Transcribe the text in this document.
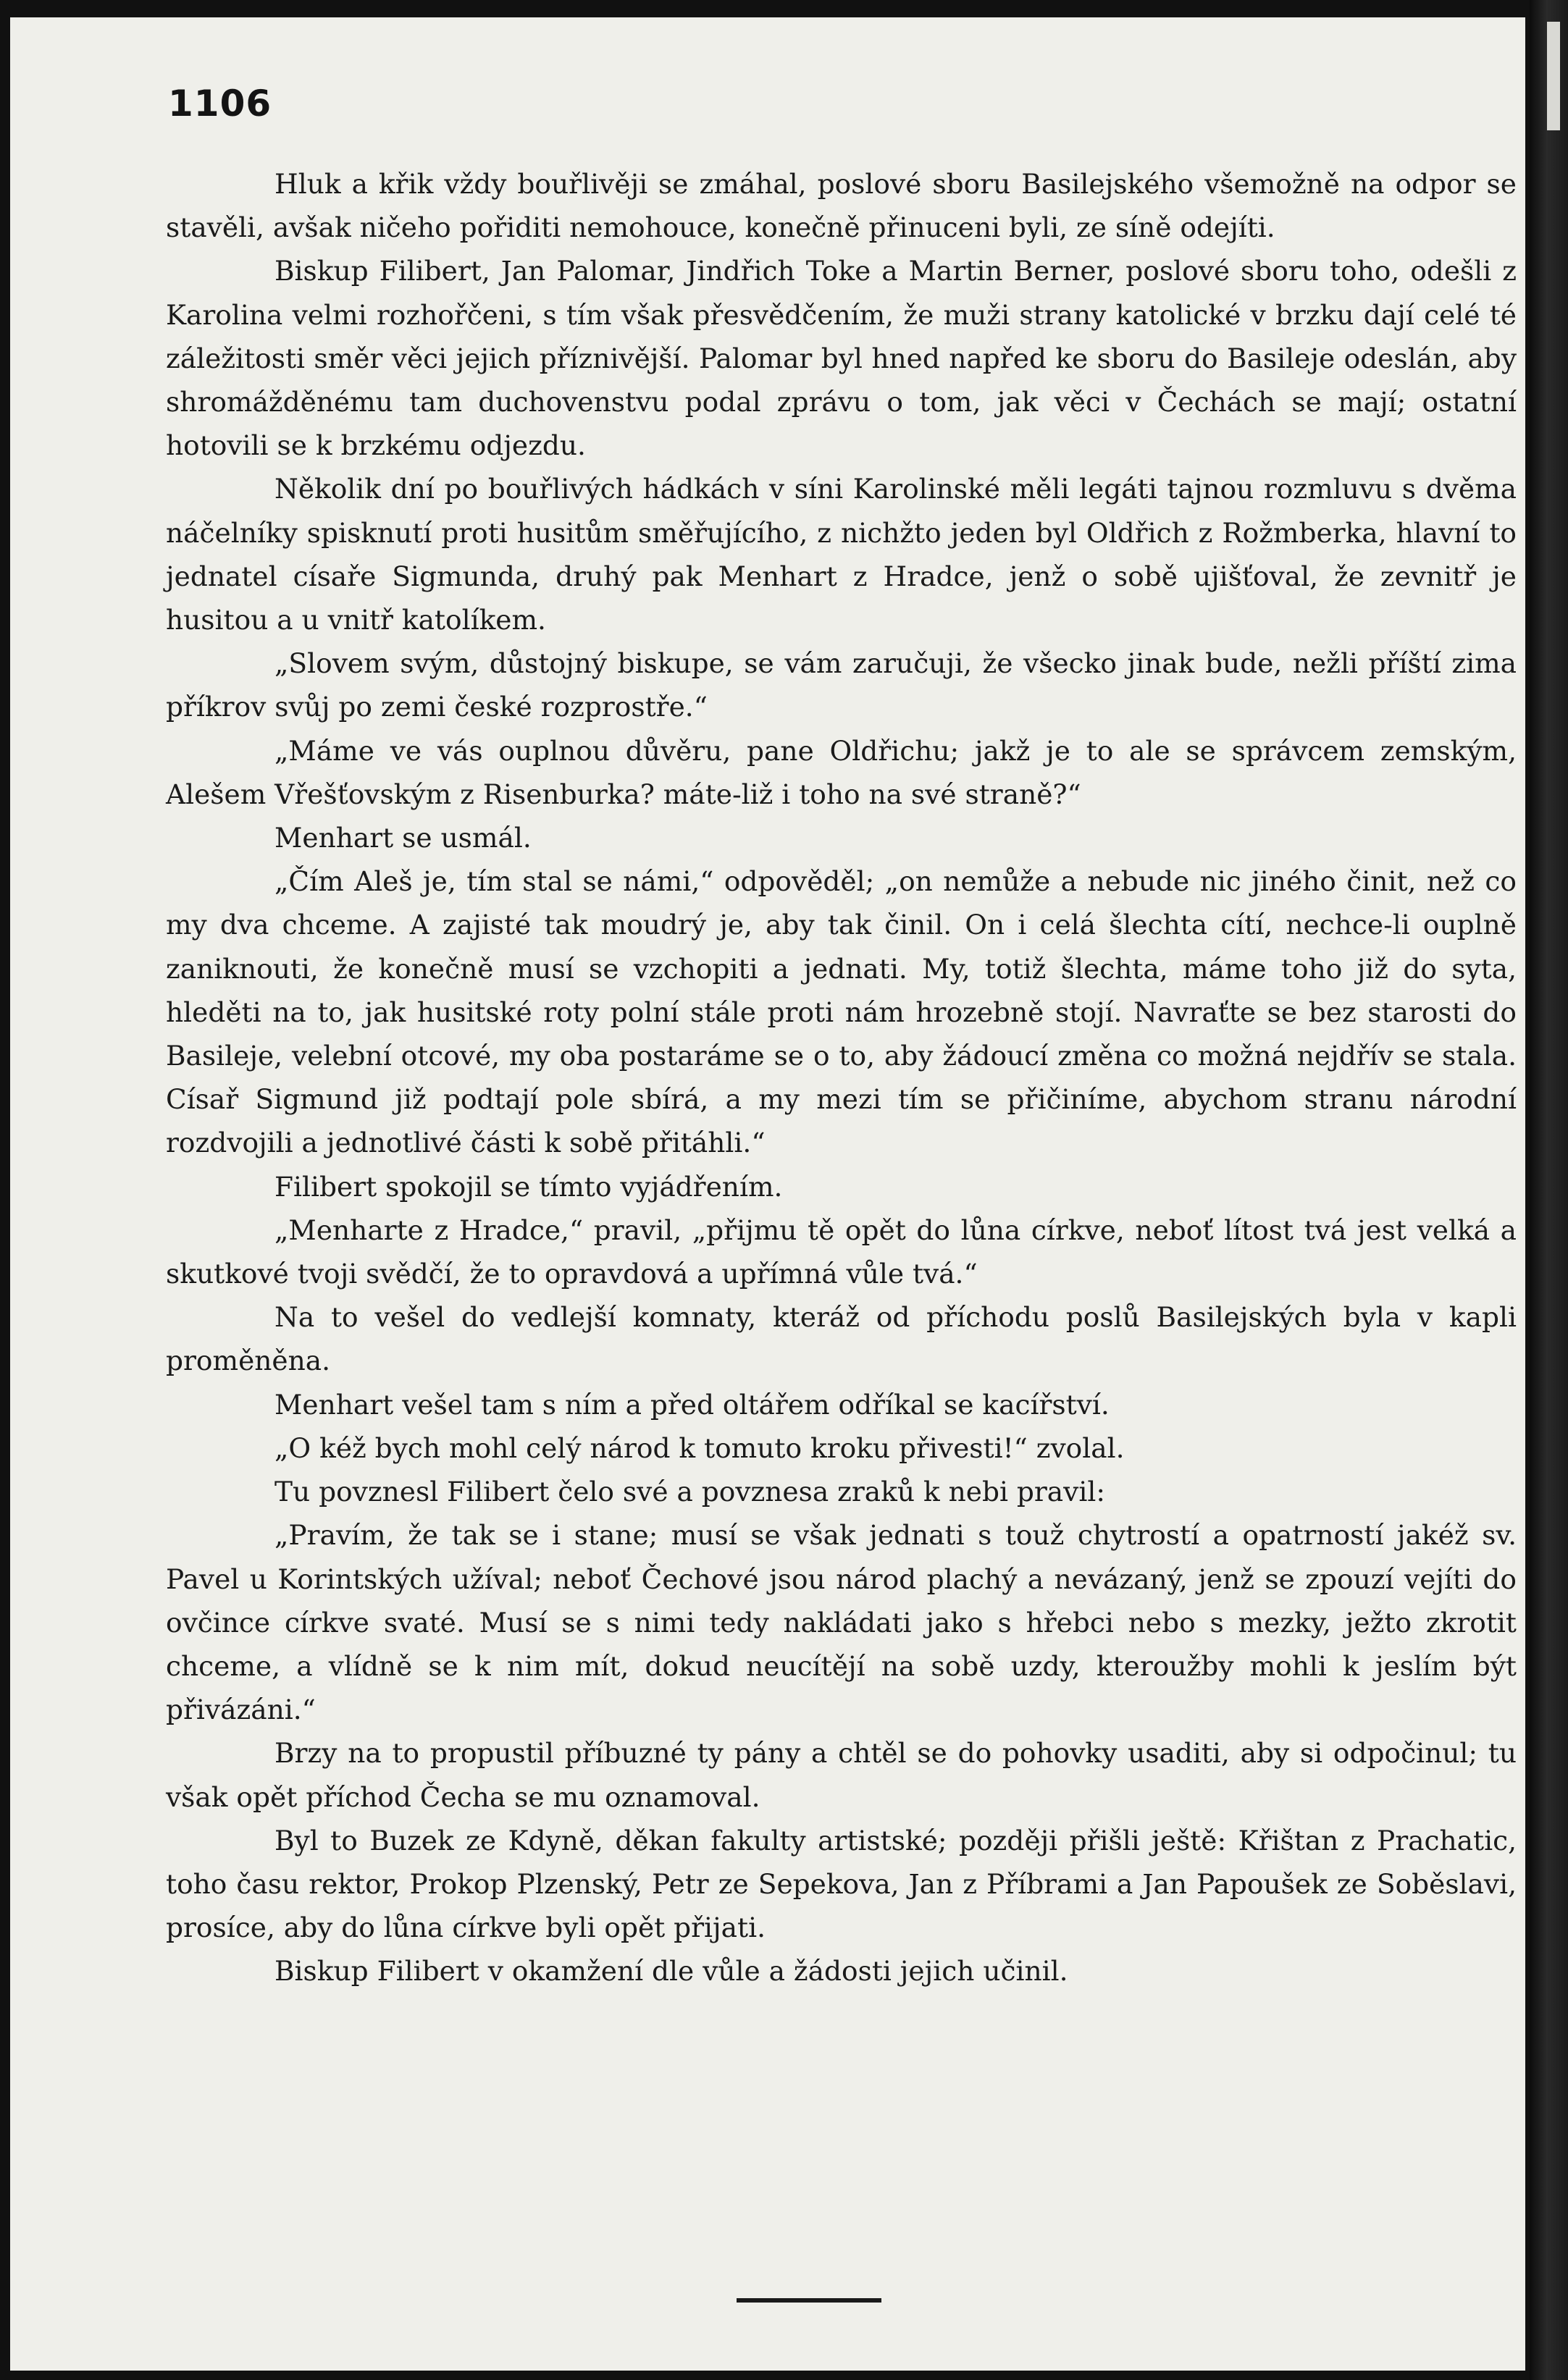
1106

Hluk a křik vždy bouřlivěji se zmáhal, poslové sboru Basilejského všemožně na odpor se stavěli, avšak ničeho pořiditi nemohouce, konečně přinuceni byli, ze síně odejíti.

Biskup Filibert, Jan Palomar, Jindřich Toke a Martin Berner, poslové sboru toho, odešli z Karolina velmi rozhořčeni, s tím však přesvědčením, že muži strany katolické v brzku dají celé té záležitosti směr věci jejich příznivější. Palomar byl hned napřed ke sboru do Basileje odeslán, aby shromážděnému tam duchovenstvu podal zprávu o tom, jak věci v Čechách se mají; ostatní hotovili se k brzkému odjezdu.

Několik dní po bouřlivých hádkách v síni Karolinské měli legáti tajnou rozmluvu s dvěma náčelníky spisknutí proti husitům směřujícího, z nichžto jeden byl Oldřich z Rožmberka, hlavní to jednatel císaře Sigmunda, druhý pak Menhart z Hradce, jenž o sobě ujišťoval, že zevnitř je husitou a u vnitř katolíkem.

„Slovem svým, důstojný biskupe, se vám zaručuji, že všecko jinak bude, nežli příští zima příkrov svůj po zemi české rozprostře.“

„Máme ve vás ouplnou důvěru, pane Oldřichu; jakž je to ale se správcem zemským, Alešem Vřešťovským z Risenburka? máte-liž i toho na své straně?“

Menhart se usmál.

„Čím Aleš je, tím stal se námi,“ odpověděl; „on nemůže a nebude nic jiného činit, než co my dva chceme. A zajisté tak moudrý je, aby tak činil. On i celá šlechta cítí, nechce-li ouplně zaniknouti, že konečně musí se vzchopiti a jednati. My, totiž šlechta, máme toho již do syta, hleděti na to, jak husitské roty polní stále proti nám hrozebně stojí. Navraťte se bez starosti do Basileje, velební otcové, my oba postaráme se o to, aby žádoucí změna co možná nejdřív se stala. Císař Sigmund již podtají pole sbírá, a my mezi tím se přičiníme, abychom stranu národní rozdvojili a jednotlivé části k sobě přitáhli.“

Filibert spokojil se tímto vyjádřením.

„Menharte z Hradce,“ pravil, „přijmu tě opět do lůna církve, neboť lítost tvá jest velká a skutkové tvoji svědčí, že to opravdová a upřímná vůle tvá.“

Na to vešel do vedlejší komnaty, kteráž od příchodu poslů Basilejských byla v kapli proměněna.

Menhart vešel tam s ním a před oltářem odříkal se kacířství.

„O kéž bych mohl celý národ k tomuto kroku přivesti!“ zvolal.

Tu povznesl Filibert čelo své a povznesa zraků k nebi pravil:

„Pravím, že tak se i stane; musí se však jednati s touž chytrostí a opatrností jakéž sv. Pavel u Korintských užíval; neboť Čechové jsou národ plachý a nevázaný, jenž se zpouzí vejíti do ovčince církve svaté. Musí se s nimi tedy nakládati jako s hřebci nebo s mezky, ježto zkrotit chceme, a vlídně se k nim mít, dokud neucítějí na sobě uzdy, kteroužby mohli k jeslím být přivázáni.“

Brzy na to propustil příbuzné ty pány a chtěl se do pohovky usaditi, aby si odpočinul; tu však opět příchod Čecha se mu oznamoval.

Byl to Buzek ze Kdyně, děkan fakulty artistské; později přišli ještě: Křištan z Prachatic, toho času rektor, Prokop Plzenský, Petr ze Sepekova, Jan z Příbrami a Jan Papoušek ze Soběslavi, prosíce, aby do lůna církve byli opět přijati.

Biskup Filibert v okamžení dle vůle a žádosti jejich učinil.
